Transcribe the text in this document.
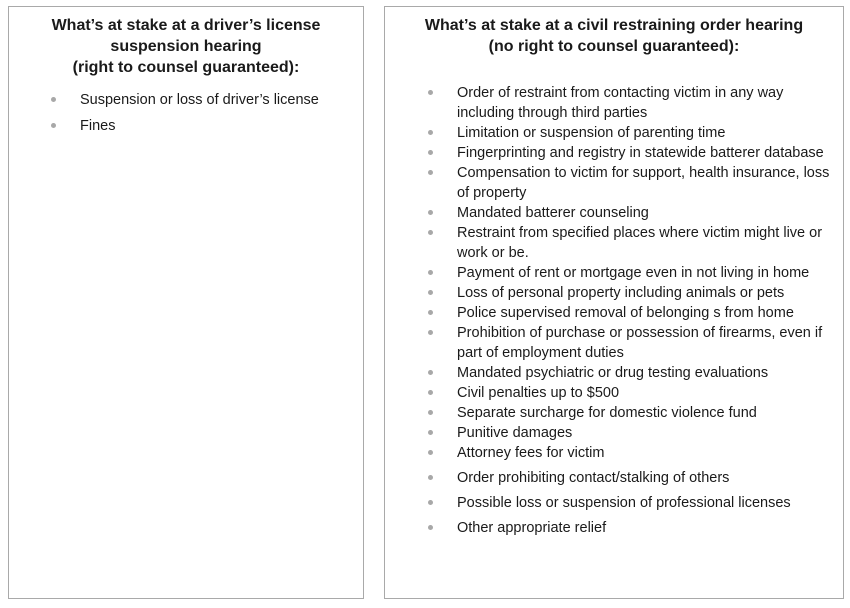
What’s at stake at a driver’s license
suspension hearing
(right to counsel guaranteed):
Suspension or loss of driver’s license
Fines
What’s at stake at a civil restraining order hearing
(no right to counsel guaranteed):
Order of restraint from contacting victim in any way including through third parties
Limitation or suspension of parenting time
Fingerprinting and registry in statewide batterer database
Compensation to victim for support, health insurance, loss of property
Mandated batterer counseling
Restraint from specified places where victim might live or work or be.
Payment of rent or mortgage even in not living in home
Loss of personal property including animals or pets
Police supervised removal of belonging s from home
Prohibition of purchase or possession of firearms, even if part of employment duties
Mandated psychiatric or drug testing evaluations
Civil penalties up to $500
Separate surcharge for domestic violence fund
Punitive damages
Attorney fees for victim
Order prohibiting contact/stalking of others
Possible loss or suspension of professional licenses
Other appropriate relief
